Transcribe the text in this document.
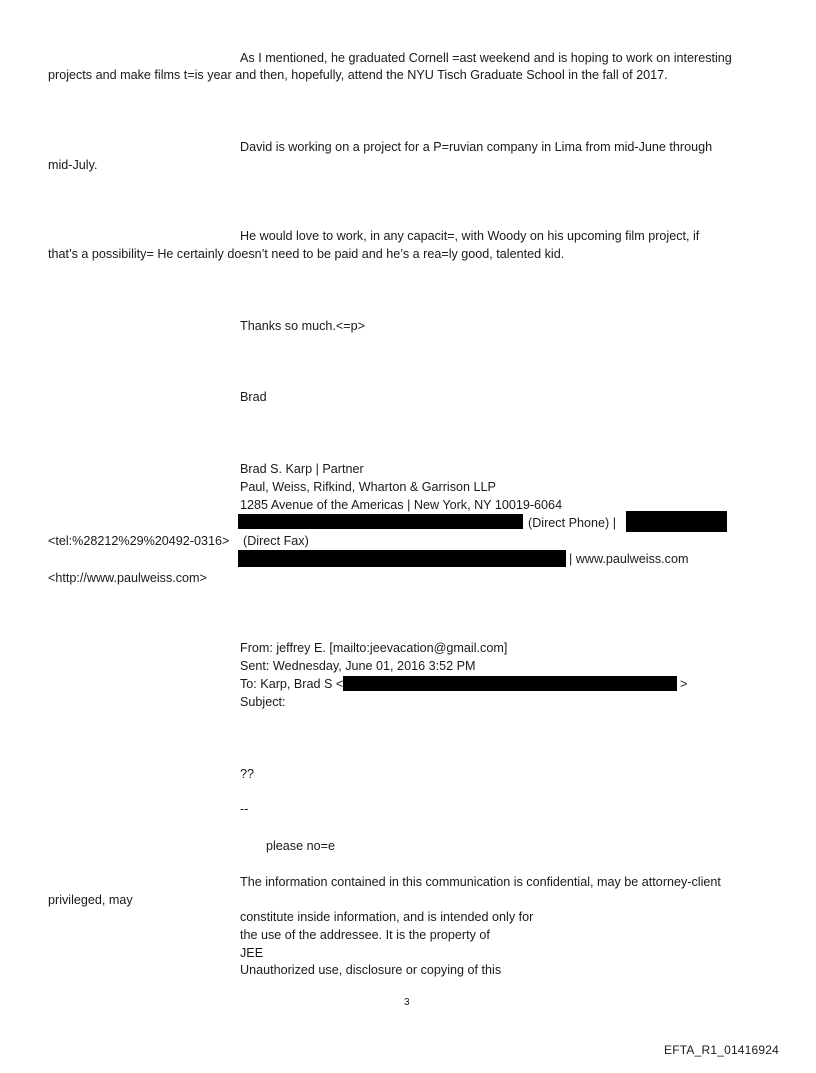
As I mentioned, he graduated Cornell =ast weekend and is hoping to work on interesting
projects and make films t=is year and then, hopefully, attend the NYU Tisch Graduate School in the fall of 2017.
David is working on a project for a P=ruvian company in Lima from mid-June through
mid-July.
He would love to work, in any capacit=, with Woody on his upcoming film project, if
that’s a possibility= He certainly doesn’t need to be paid and he’s a rea=ly good, talented kid.
Thanks so much.<=p>
Brad
Brad S. Karp | Partner
Paul, Weiss, Rifkind, Wharton & Garrison LLP
1285 Avenue of the Americas | New York, NY 10019-6064
(Direct Phone) |
<tel:%28212%29%20492-0316> (Direct Fax)
| www.paulweiss.com
<http://www.paulweiss.com>
From: jeffrey E. [mailto:jeevacation@gmail.com]
Sent: Wednesday, June 01, 2016 3:52 PM
To: Karp, Brad S <	>
Subject:
??
--
please no=e
The information contained in this communication is confidential, may be attorney-client
privileged, may
constitute inside information, and is intended only for
the use of the addressee. It is the property of
JEE
Unauthorized use, disclosure or copying of this
3
EFTA_R1_01416924
